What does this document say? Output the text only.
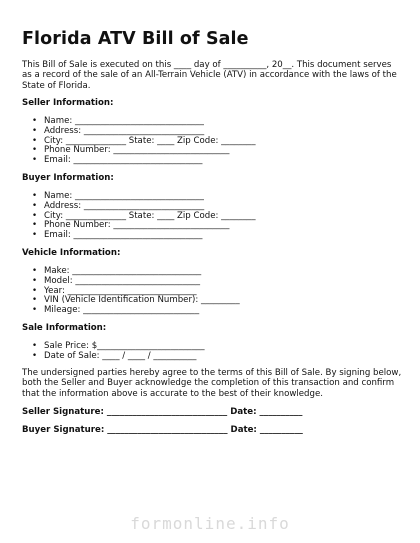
Florida ATV Bill of Sale
This Bill of Sale is executed on this ____ day of __________, 20__. This document serves as a record of the sale of an All-Terrain Vehicle (ATV) in accordance with the laws of the State of Florida.
Seller Information:
• Name: ______________________________
• Address: ____________________________
• City: ______________ State: ____ Zip Code: ________
• Phone Number: ___________________________
• Email: ______________________________
Buyer Information:
• Name: ______________________________
• Address: ____________________________
• City: ______________ State: ____ Zip Code: ________
• Phone Number: ___________________________
• Email: ______________________________
Vehicle Information:
• Make: ______________________________
• Model: _____________________________
• Year: ______________________________
• VIN (Vehicle Identification Number): _________
• Mileage: ___________________________
Sale Information:
• Sale Price: $_________________________
• Date of Sale: ____ / ____ / __________
The undersigned parties hereby agree to the terms of this Bill of Sale. By signing below, both the Seller and Buyer acknowledge the completion of this transaction and confirm that the information above is accurate to the best of their knowledge.
Seller Signature: ____________________________ Date: __________
Buyer Signature: ____________________________ Date: __________
formonline.info
